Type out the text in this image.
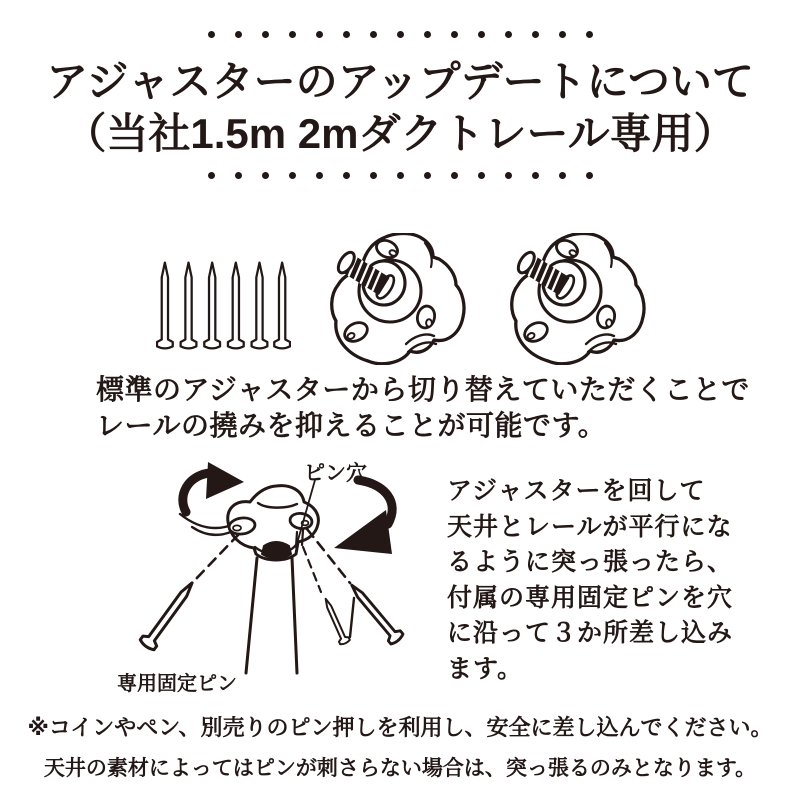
アジャスターのアップデートについて
（当社1.5m 2mダクトレール専用）
標準のアジャスターから切り替えていただくことで
レールの撓みを抑えることが可能です。
ピン穴
専用固定ピン
アジャスターを回して
天井とレールが平行にな
るように突っ張ったら、
付属の専用固定ピンを穴
に沿って３か所差し込み
ます。
※コインやペン、別売りのピン押しを利用し、安全に差し込んでください。
天井の素材によってはピンが刺さらない場合は、突っ張るのみとなります。
